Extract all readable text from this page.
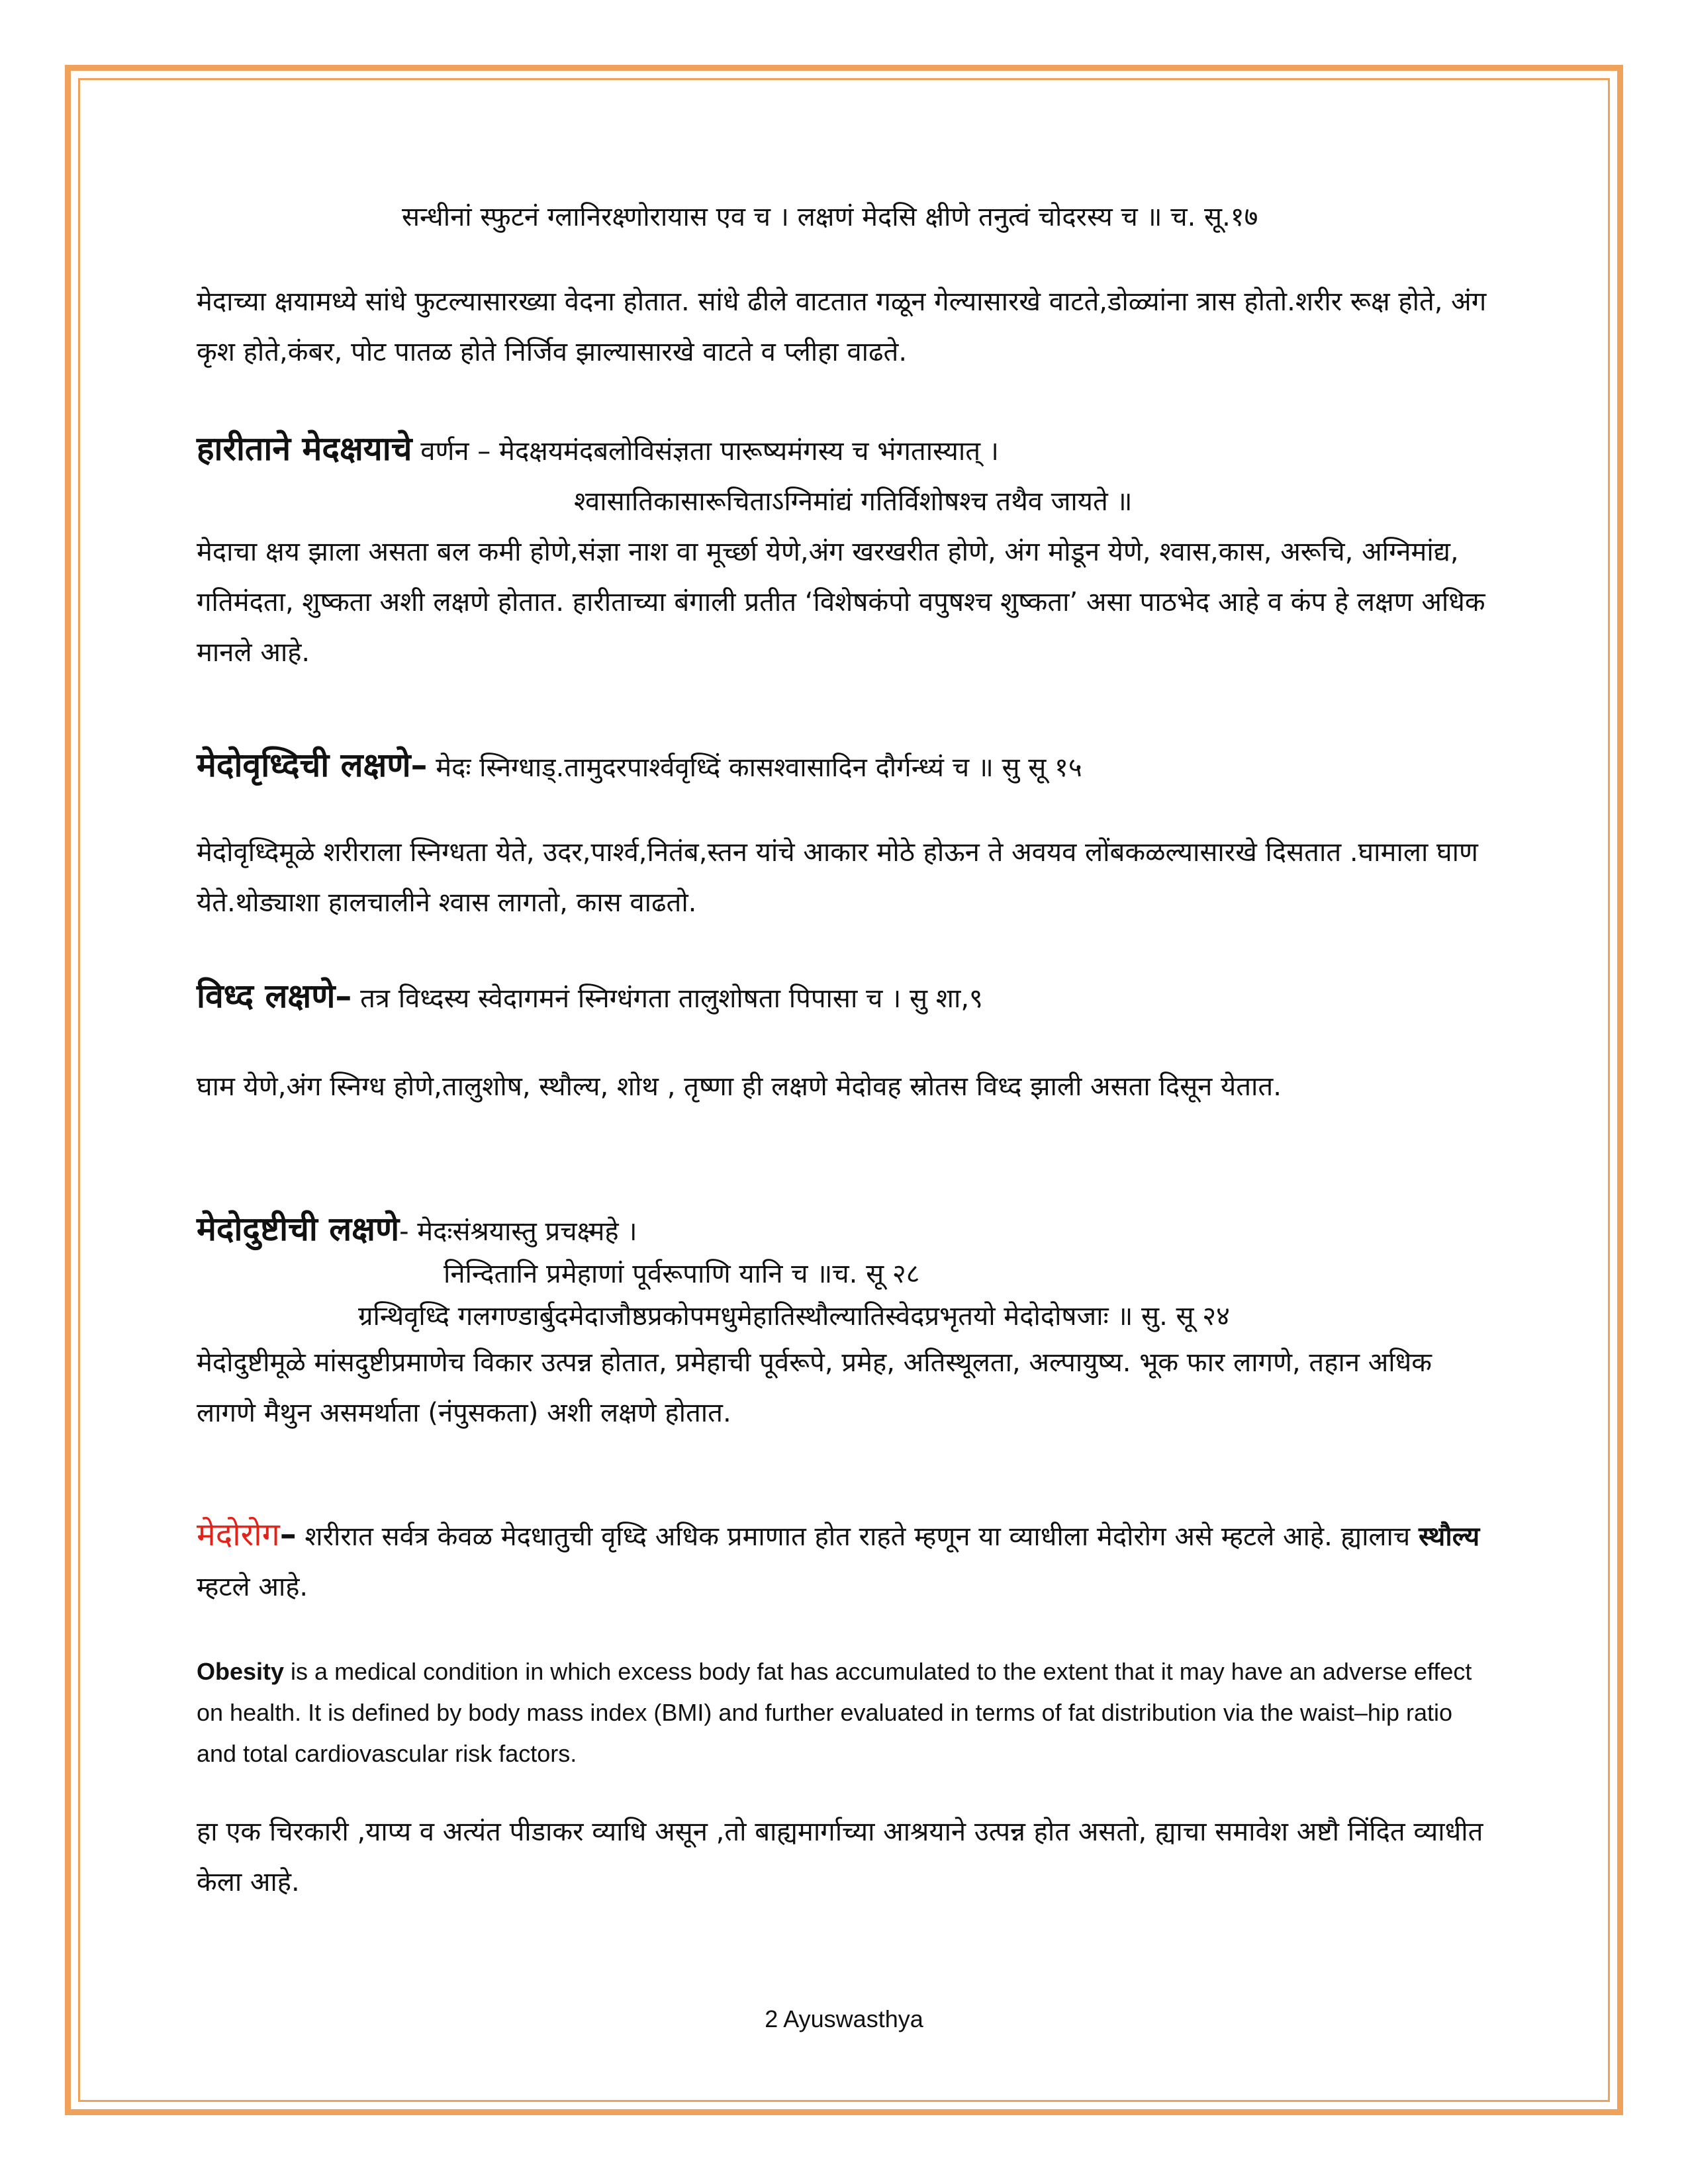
सन्धीनां स्फुटनं ग्लानिरक्ष्णोरायास एव च । लक्षणं मेदसि क्षीणे तनुत्वं चोदरस्य च ॥ च. सू.१७

मेदाच्या क्षयामध्ये सांधे फुटल्यासारख्या वेदना होतात. सांधे ढीले वाटतात गळून गेल्यासारखे वाटते,डोळ्यांना त्रास होतो.शरीर रूक्ष होते, अंग कृश होते,कंबर, पोट पातळ होते निर्जिव झाल्यासारखे वाटते व प्लीहा वाढते.

हारीताने मेदक्षयाचे वर्णन – मेदक्षयमंदबलोविसंज्ञता पारूष्यमंगस्य च भंगतास्यात् ।

श्वासातिकासारूचिताऽग्निमांद्यं गतिर्विशोषश्च तथैव जायते ॥

मेदाचा क्षय झाला असता बल कमी होणे,संज्ञा नाश वा मूर्च्छा येणे,अंग खरखरीत होणे, अंग मोडून येणे, श्वास,कास, अरूचि, अग्निमांद्य, गतिमंदता, शुष्कता अशी लक्षणे होतात. हारीताच्या बंगाली प्रतीत ‘विशेषकंपो वपुषश्च शुष्कता’ असा पाठभेद आहे व कंप हे लक्षण अधिक मानले आहे.

मेदोवृध्दिची लक्षणे– मेदः स्निग्धाड्.तामुदरपार्श्ववृध्दिं कासश्वासादिन दौर्गन्ध्यं च ॥ सु सू १५

मेदोवृध्दिमूळे शरीराला स्निग्धता येते, उदर,पार्श्व,नितंब,स्तन यांचे आकार मोठे होऊन ते अवयव लोंबकळल्यासारखे दिसतात .घामाला घाण येते.थोड्याशा हालचालीने श्वास लागतो, कास वाढतो.

विध्द लक्षणे– तत्र विध्दस्य स्वेदागमनं स्निग्धंगता तालुशोषता पिपासा च । सु शा,९

घाम येणे,अंग स्निग्ध होणे,तालुशोष, स्थौल्य, शोथ , तृष्णा ही लक्षणे मेदोवह स्रोतस विध्द झाली असता दिसून येतात.

मेदोदुष्टीची लक्षणे- मेदःसंश्रयास्तु प्रचक्ष्महे ।

निन्दितानि प्रमेहाणां पूर्वरूपाणि यानि च ॥च. सू २८

ग्रन्थिवृध्दि गलगण्डार्बुदमेदाजौष्ठप्रकोपमधुमेहातिस्थौल्यातिस्वेदप्रभृतयो मेदोदोषजाः ॥ सु. सू २४

मेदोदुष्टीमूळे मांसदुष्टीप्रमाणेच विकार उत्पन्न होतात, प्रमेहाची पूर्वरूपे, प्रमेह, अतिस्थूलता, अल्पायुष्य. भूक फार लागणे, तहान अधिक लागणे मैथुन असमर्थाता (नंपुसकता) अशी लक्षणे होतात.

मेदोरोग– शरीरात सर्वत्र केवळ मेदधातुची वृध्दि अधिक प्रमाणात होत राहते म्हणून या व्याधीला मेदोरोग असे म्हटले आहे. ह्यालाच स्थौल्य म्हटले आहे.

Obesity is a medical condition in which excess body fat has accumulated to the extent that it may have an adverse effect on health. It is defined by body mass index (BMI) and further evaluated in terms of fat distribution via the waist–hip ratio and total cardiovascular risk factors.

हा एक चिरकारी ,याप्य व अत्यंत पीडाकर व्याधि असून ,तो बाह्यमार्गाच्या आश्रयाने उत्पन्न होत असतो, ह्याचा समावेश अष्टौ निंदित व्याधीत केला आहे.

2 Ayuswasthya
